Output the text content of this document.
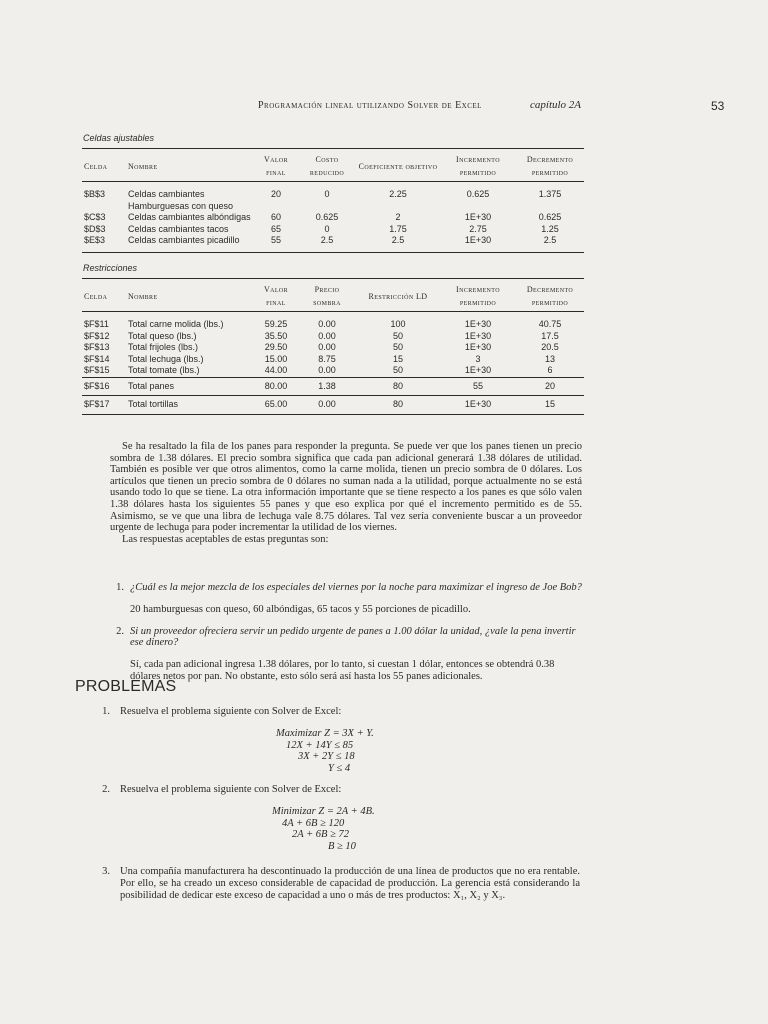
Programación lineal utilizando Solver de Excel	capítulo 2A	53
Celdas ajustables
Celda	Nombre	Valor final	Costo reducido	Coeficiente objetivo	Incremento permitido	Decremento permitido
$B$3	Celdas cambiantes Hamburguesas con queso	20	0	2.25	0.625	1.375
$C$3	Celdas cambiantes albóndigas	60	0.625	2	1E+30	0.625
$D$3	Celdas cambiantes tacos	65	0	1.75	2.75	1.25
$E$3	Celdas cambiantes picadillo	55	2.5	2.5	1E+30	2.5
Restricciones
Celda	Nombre	Valor final	Precio sombra	Restricción LD	Incremento permitido	Decremento permitido
$F$11	Total carne molida (lbs.)	59.25	0.00	100	1E+30	40.75
$F$12	Total queso (lbs.)	35.50	0.00	50	1E+30	17.5
$F$13	Total frijoles (lbs.)	29.50	0.00	50	1E+30	20.5
$F$14	Total lechuga (lbs.)	15.00	8.75	15	3	13
$F$15	Total tomate (lbs.)	44.00	0.00	50	1E+30	6
$F$16	Total panes	80.00	1.38	80	55	20
$F$17	Total tortillas	65.00	0.00	80	1E+30	15

Se ha resaltado la fila de los panes para responder la pregunta. Se puede ver que los panes tienen un precio sombra de 1.38 dólares. El precio sombra significa que cada pan adicional generará 1.38 dólares de utilidad. También es posible ver que otros alimentos, como la carne molida, tienen un precio sombra de 0 dólares. Los artículos que tienen un precio sombra de 0 dólares no suman nada a la utilidad, porque actualmente no se está usando todo lo que se tiene. La otra información importante que se tiene respecto a los panes es que sólo valen 1.38 dólares hasta los siguientes 55 panes y que eso explica por qué el incremento permitido es de 55. Asimismo, se ve que una libra de lechuga vale 8.75 dólares. Tal vez sería conveniente buscar a un proveedor urgente de lechuga para poder incrementar la utilidad de los viernes.

Las respuestas aceptables de estas preguntas son:

1. ¿Cuál es la mejor mezcla de los especiales del viernes por la noche para maximizar el ingreso de Joe Bob?

20 hamburguesas con queso, 60 albóndigas, 65 tacos y 55 porciones de picadillo.

2. Si un proveedor ofreciera servir un pedido urgente de panes a 1.00 dólar la unidad, ¿vale la pena invertir ese dinero?

Sí, cada pan adicional ingresa 1.38 dólares, por lo tanto, si cuestan 1 dólar, entonces se obtendrá 0.38 dólares netos por pan. No obstante, esto sólo será así hasta los 55 panes adicionales.

PROBLEMAS
1. Resuelva el problema siguiente con Solver de Excel:
Maximizar Z = 3X + Y.
12X + 14Y ≤ 85
3X + 2Y ≤ 18
Y ≤ 4
2. Resuelva el problema siguiente con Solver de Excel:
Minimizar Z = 2A + 4B.
4A + 6B ≥ 120
2A + 6B ≥ 72
B ≥ 10
3. Una compañía manufacturera ha descontinuado la producción de una línea de productos que no era rentable. Por ello, se ha creado un exceso considerable de capacidad de producción. La gerencia está considerando la posibilidad de dedicar este exceso de capacidad a uno o más de tres productos: X₁, X₂ y X₃.
